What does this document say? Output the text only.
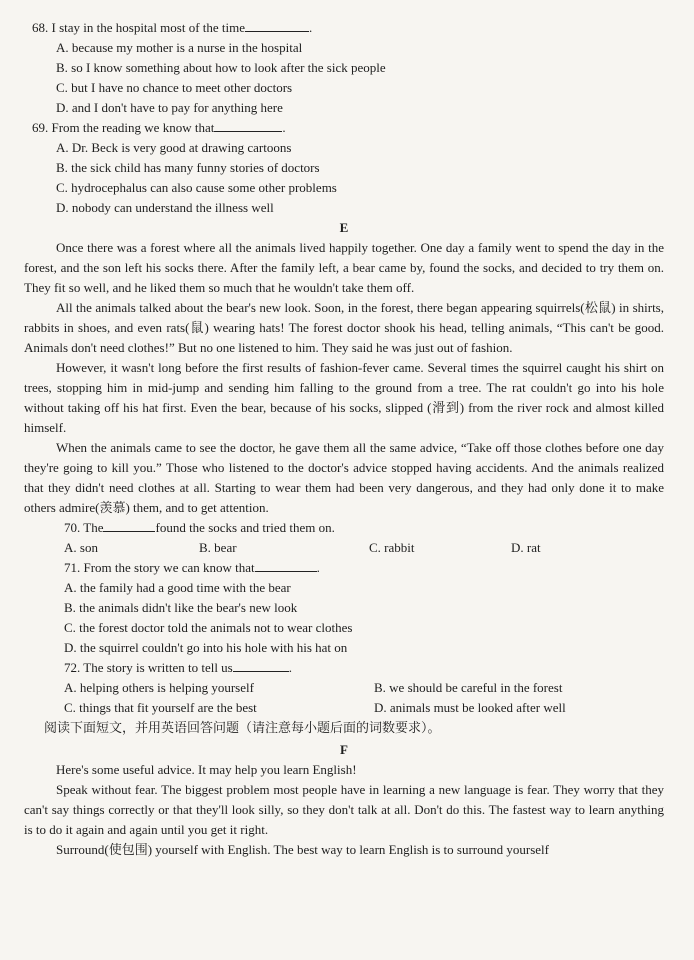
68. I stay in the hospital most of the time	.
A. because my mother is a nurse in the hospital
B. so I know something about how to look after the sick people
C. but I have no chance to meet other doctors
D. and I don't have to pay for anything here
69. From the reading we know that	.
A. Dr. Beck is very good at drawing cartoons
B. the sick child has many funny stories of doctors
C. hydrocephalus can also cause some other problems
D. nobody can understand the illness well
E
Once there was a forest where all the animals lived happily together. One day a family went to spend the day in the forest, and the son left his socks there. After the family left, a bear came by, found the socks, and decided to try them on. They fit so well, and he liked them so much that he wouldn't take them off.
All the animals talked about the bear's new look. Soon, in the forest, there began appearing squirrels(松鼠) in shirts, rabbits in shoes, and even rats(鼠) wearing hats! The forest doctor shook his head, telling animals, “This can't be good. Animals don't need clothes!” But no one listened to him. They said he was just out of fashion.
However, it wasn't long before the first results of fashion-fever came. Several times the squirrel caught his shirt on trees, stopping him in mid-jump and sending him falling to the ground from a tree. The rat couldn't go into his hole without taking off his hat first. Even the bear, because of his socks, slipped (滑到) from the river rock and almost killed himself.
When the animals came to see the doctor, he gave them all the same advice, “Take off those clothes before one day they're going to kill you.” Those who listened to the doctor's advice stopped having accidents. And the animals realized that they didn't need clothes at all. Starting to wear them had been very dangerous, and they had only done it to make others admire(羡慕) them, and to get attention.
70. The	found the socks and tried them on.
A. son	B. bear	C. rabbit	D. rat
71. From the story we can know that	.
A. the family had a good time with the bear
B. the animals didn't like the bear's new look
C. the forest doctor told the animals not to wear clothes
D. the squirrel couldn't go into his hole with his hat on
72. The story is written to tell us	.
A. helping others is helping yourself	B. we should be careful in the forest
C. things that fit yourself are the best	D. animals must be looked after well
阅读下面短文，并用英语回答问题（请注意每小题后面的词数要求）。
F
Here's some useful advice. It may help you learn English!
Speak without fear. The biggest problem most people have in learning a new language is fear. They worry that they can't say things correctly or that they'll look silly, so they don't talk at all. Don't do this. The fastest way to learn anything is to do it again and again until you get it right.
Surround(使包围) yourself with English. The best way to learn English is to surround yourself
